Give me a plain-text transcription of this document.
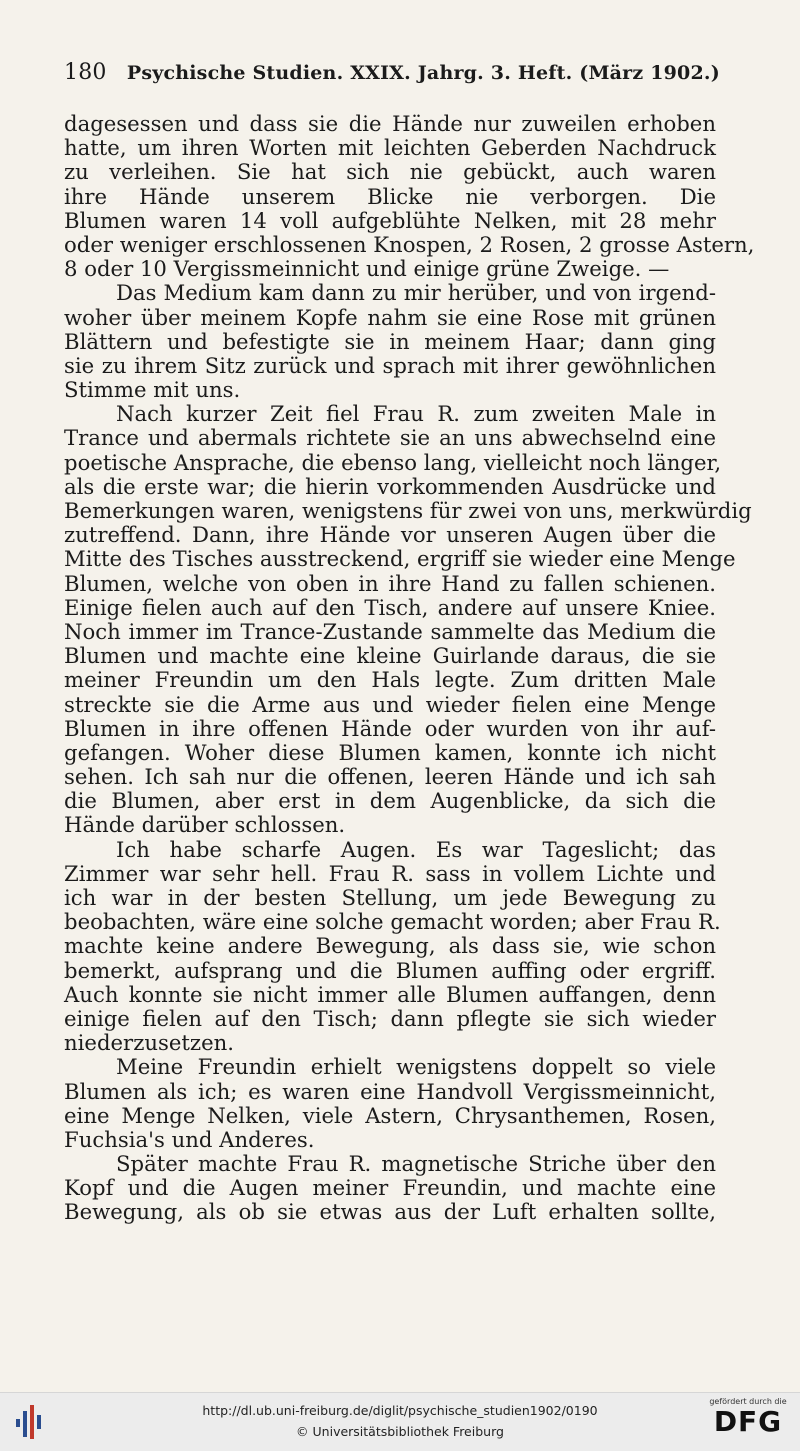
180 Psychische Studien. XXIX. Jahrg. 3. Heft. (März 1902.)
dagesessen und dass sie die Hände nur zuweilen erhoben
hatte, um ihren Worten mit leichten Geberden Nachdruck
zu verleihen. Sie hat sich nie gebückt, auch waren
ihre Hände unserem Blicke nie verborgen. Die
Blumen waren 14 voll aufgeblühte Nelken, mit 28 mehr
oder weniger erschlossenen Knospen, 2 Rosen, 2 grosse Astern,
8 oder 10 Vergissmeinnicht und einige grüne Zweige. —
Das Medium kam dann zu mir herüber, und von irgend-
woher über meinem Kopfe nahm sie eine Rose mit grünen
Blättern und befestigte sie in meinem Haar; dann ging
sie zu ihrem Sitz zurück und sprach mit ihrer gewöhnlichen
Stimme mit uns.
Nach kurzer Zeit fiel Frau R. zum zweiten Male in
Trance und abermals richtete sie an uns abwechselnd eine
poetische Ansprache, die ebenso lang, vielleicht noch länger,
als die erste war; die hierin vorkommenden Ausdrücke und
Bemerkungen waren, wenigstens für zwei von uns, merkwürdig
zutreffend. Dann, ihre Hände vor unseren Augen über die
Mitte des Tisches ausstreckend, ergriff sie wieder eine Menge
Blumen, welche von oben in ihre Hand zu fallen schienen.
Einige fielen auch auf den Tisch, andere auf unsere Kniee.
Noch immer im Trance-Zustande sammelte das Medium die
Blumen und machte eine kleine Guirlande daraus, die sie
meiner Freundin um den Hals legte. Zum dritten Male
streckte sie die Arme aus und wieder fielen eine Menge
Blumen in ihre offenen Hände oder wurden von ihr auf-
gefangen. Woher diese Blumen kamen, konnte ich nicht
sehen. Ich sah nur die offenen, leeren Hände und ich sah
die Blumen, aber erst in dem Augenblicke, da sich die
Hände darüber schlossen.
Ich habe scharfe Augen. Es war Tageslicht; das
Zimmer war sehr hell. Frau R. sass in vollem Lichte und
ich war in der besten Stellung, um jede Bewegung zu
beobachten, wäre eine solche gemacht worden; aber Frau R.
machte keine andere Bewegung, als dass sie, wie schon
bemerkt, aufsprang und die Blumen auffing oder ergriff.
Auch konnte sie nicht immer alle Blumen auffangen, denn
einige fielen auf den Tisch; dann pflegte sie sich wieder
niederzusetzen.
Meine Freundin erhielt wenigstens doppelt so viele
Blumen als ich; es waren eine Handvoll Vergissmeinnicht,
eine Menge Nelken, viele Astern, Chrysanthemen, Rosen,
Fuchsia's und Anderes.
Später machte Frau R. magnetische Striche über den
Kopf und die Augen meiner Freundin, und machte eine
Bewegung, als ob sie etwas aus der Luft erhalten sollte,
http://dl.ub.uni-freiburg.de/diglit/psychische_studien1902/0190
© Universitätsbibliothek Freiburg
gefördert durch die
DFG
